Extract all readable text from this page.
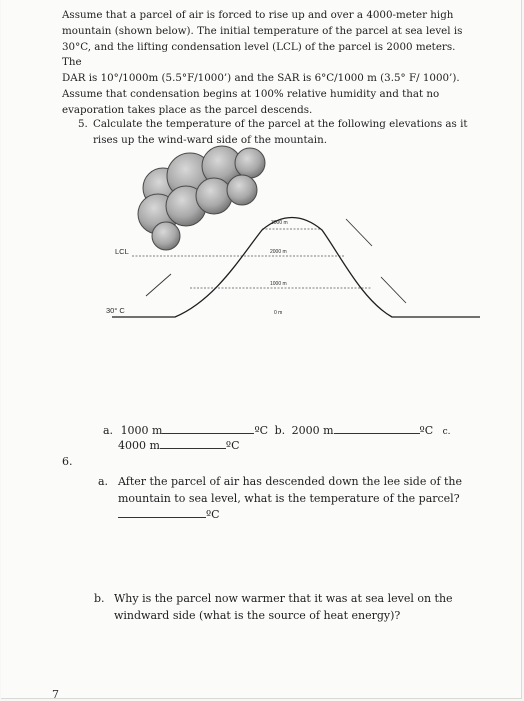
Assume that a parcel of air is forced to rise up and over a 4000-meter high
mountain (shown below). The initial temperature of the parcel at sea level is
30°C, and the lifting condensation level (LCL) of the parcel is 2000 meters. The
DAR is 10°/1000m (5.5°F/1000’) and the SAR is 6°C/1000 m (3.5° F/ 1000’).
Assume that condensation begins at 100% relative humidity and that no
evaporation takes place as the parcel descends.

5. Calculate the temperature of the parcel at the following elevations as it
rises up the wind-ward side of the mountain.
LCL
30° C
3000 m
2000 m
1000 m
0 m
a. 1000 m	ºC b. 2000 m	ºC c.
4000 m	ºC
6.
a. After the parcel of air has descended down the lee side of the
mountain to sea level, what is the temperature of the parcel?
ºC
b. Why is the parcel now warmer that it was at sea level on the
windward side (what is the source of heat energy)?
7
